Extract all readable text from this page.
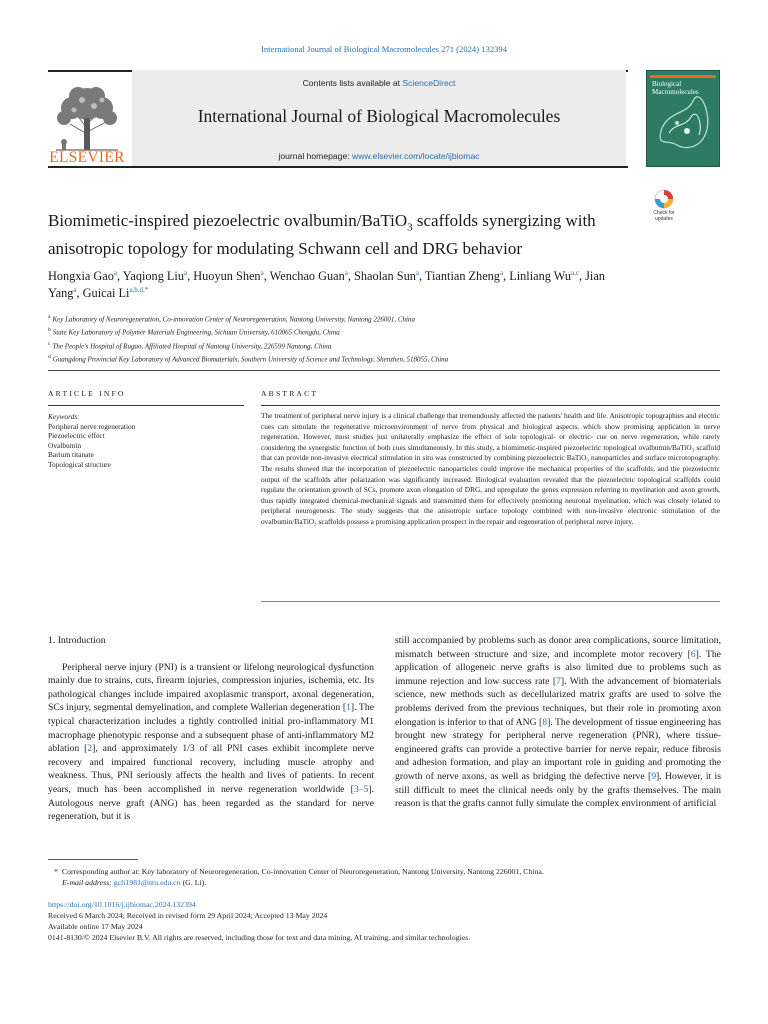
International Journal of Biological Macromolecules 271 (2024) 132394
ELSEVIER
Contents lists available at ScienceDirect
International Journal of Biological Macromolecules
journal homepage: www.elsevier.com/locate/ijbiomac
Biological
Macromolecules
Check for
updates
Biomimetic-inspired piezoelectric ovalbumin/BaTiO$_3$ scaffolds synergizing with anisotropic topology for modulating Schwann cell and DRG behavior
Hongxia Gao$^a$, Yaqiong Liu$^a$, Huoyun Shen$^a$, Wenchao Guan$^a$, Shaolan Sun$^a$, Tiantian Zheng$^a$, Linliang Wu$^{a,c}$, Jian Yang$^a$, Guicai $Li^{a,b,d,*}$
$^a$ Key Laboratory of Neuroregeneration, Co-innovation Center of Neuroregeneration, Nantong University, Nantong 226001, China
$^b$ State Key Laboratory of Polymer Materials Engineering, Sichuan University, 610065 Chengdu, China
$^c$ The People's Hospital of Rugao, Affiliated Hospital of Nantong University, 226599 Nantong, China
$^d$ Guangdong Provincial Key Laboratory of Advanced Biomaterials, Southern University of Science and Technology, Shenzhen, 518055, China
ARTICLE INFO
Keywords:
Peripheral nerve regeneration
Piezoelectric effect
Ovalbumin
Barium titanate
Topological structure
ABSTRACT
The treatment of peripheral nerve injury is a clinical challenge that tremendously affected the patients' health and life. Anisotropic topographies and electric cues can simulate the regenerative microenvironment of nerve from physical and biological aspects, which show promising application in nerve regeneration. However, most studies just unilaterally emphasize the effect of sole topological- or electric- cue on nerve regeneration, while rarely considering the synergistic function of both cues simultaneously. In this study, a biomimetic-inspired piezoelectric topological ovalbumin/BaTiO₃ scaffold that can provide non-invasive electrical stimulation in situ was constructed by combining piezoelectric BaTiO₃ nanoparticles and surface microtopography. The results showed that the incorporation of piezoelectric nanoparticles could improve the mechanical properties of the scaffolds, and the piezoelectric output of the scaffolds after polarization was significantly increased. Biological evaluation revealed that the piezoelectric topological scaffolds could regulate the orientation growth of SCs, promote axon elongation of DRG, and upregulate the genes expression referring to myelination and axon growth, thus rapidly integrated chemical-mechanical signals and transmitted them for effectively promoting neuronal myelination, which was closely related to peripheral neurogenesis. The study suggests that the anisotropic surface topology combined with non-invasive electronic stimulation of the ovalbumin/BaTiO₃ scaffolds possess a promising application prospect in the repair and regeneration of peripheral nerve injury.
1. Introduction

Peripheral nerve injury (PNI) is a transient or lifelong neurological dysfunction mainly due to strains, cuts, firearm injuries, compression injuries, ischemia, etc. Its pathological changes include impaired axoplasmic transport, axonal degeneration, SCs injury, segmental demyelination, and complete Wallerian degeneration [1]. The typical characterization includes a tightly controlled initial pro-inflammatory M1 macrophage phenotypic response and a subsequent phase of anti-inflammatory M2 ablation [2], and approximately 1/3 of all PNI cases exhibit incomplete nerve recovery and impaired functional recovery, including muscle atrophy and weakness. Thus, PNI seriously affects the health and lives of patients. In recent years, much has been accomplished in nerve regeneration worldwide [3–5]. Autologous nerve graft (ANG) has been regarded as the standard for nerve regeneration, but it is

still accompanied by problems such as donor area complications, source limitation, mismatch between structure and size, and incomplete motor recovery [6]. The application of allogeneic nerve grafts is also limited due to problems such as immune rejection and low success rate [7]. With the advancement of biomaterials science, new methods such as decellularized matrix grafts are used to solve the problems derived from the previous techniques, but their role in promoting axon elongation is inferior to that of ANG [8]. The development of tissue engineering has brought new strategy for peripheral nerve regeneration (PNR), where tissue-engineered grafts can provide a protective barrier for nerve repair, reduce fibrosis and adhesion formation, and play an important role in guiding and promoting the growth of nerve axons, as well as bridging the defective nerve [9]. However, it is still difficult to meet the clinical needs only by the grafts themselves. The main reason is that the grafts cannot fully simulate the complex environment of artificial

* Corresponding author at: Key laboratory of Neuroregeneration, Co-innovation Center of Neuroregeneration, Nantong University, Nantong 226001, China.
E-mail address: gcli1981@ntu.edu.cn (G. Li).
https://doi.org/10.1016/j.ijbiomac.2024.132394
Received 6 March 2024; Received in revised form 29 April 2024; Accepted 13 May 2024
Available online 17 May 2024
0141-8130/© 2024 Elsevier B.V. All rights are reserved, including those for text and data mining, AI training, and similar technologies.
